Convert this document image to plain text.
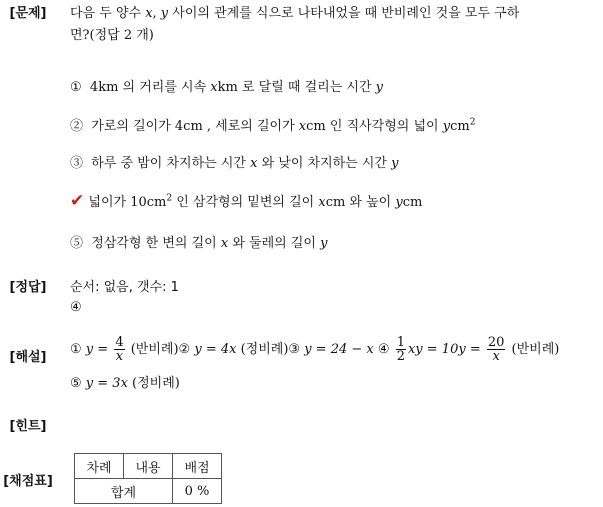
[문제]
[정답]
[해설]
[힌트]
[채점표]
다음 두 양수 x, y 사이의 관계를 식으로 나타내었을 때 반비례인 것을 모두 구하
면?(정답 2 개)
① 4km 의 거리를 시속 xkm 로 달릴 때 걸리는 시간 y
② 가로의 길이가 4cm , 세로의 길이가 xcm 인 직사각형의 넓이 ycm$^2$
③ 하루 중 밤이 차지하는 시간 x 와 낮이 차지하는 시간 y
✔ 넓이가 $10cm^2$ 인 삼각형의 밑변의 길이 xcm 와 높이 ycm
⑤ 정삼각형 한 변의 길이 x 와 둘레의 길이 y
순서: 없음, 갯수: 1
④
① $y = \frac{4}{x}$ (반비례)② y = 4x (정비례)③ y = 24 − x ④ $\frac{1}{2}$ xy = $10y = \frac{20}{x}$ (반비례)
⑤ y = 3x (정비례)
차례	내용	배점
합계		0 %
